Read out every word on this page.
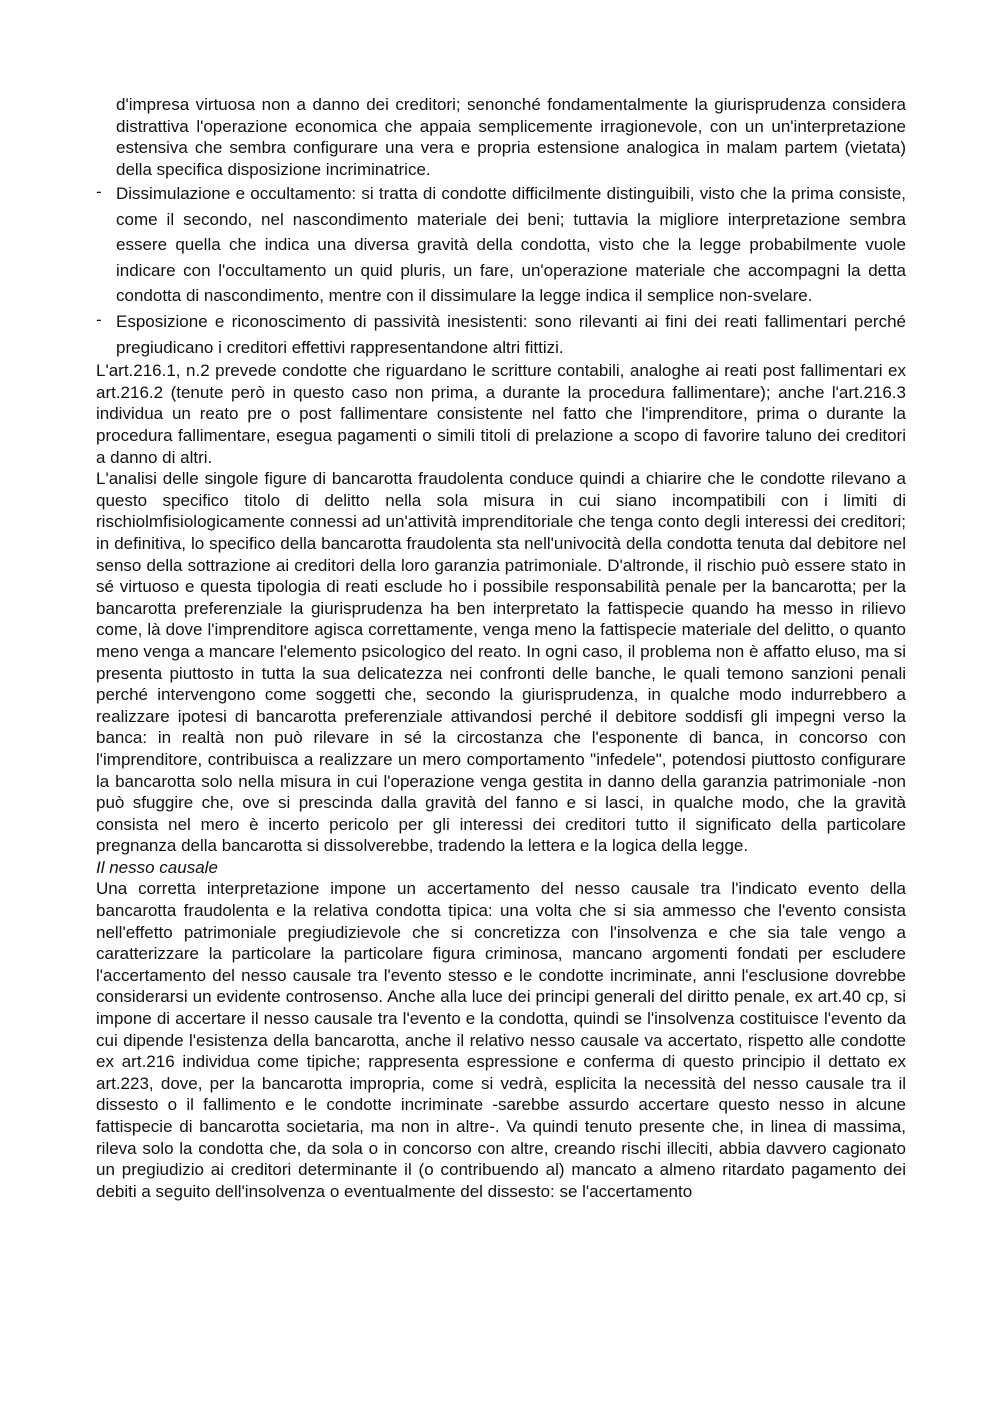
d'impresa virtuosa non a danno dei creditori; senonché fondamentalmente la giurisprudenza considera distrattiva l'operazione economica che appaia semplicemente irragionevole, con un un'interpretazione estensiva che sembra configurare una vera e propria estensione analogica in malam partem (vietata) della specifica disposizione incriminatrice.

- Dissimulazione e occultamento: si tratta di condotte difficilmente distinguibili, visto che la prima consiste, come il secondo, nel nascondimento materiale dei beni; tuttavia la migliore interpretazione sembra essere quella che indica una diversa gravità della condotta, visto che la legge probabilmente vuole indicare con l'occultamento un quid pluris, un fare, un'operazione materiale che accompagni la detta condotta di nascondimento, mentre con il dissimulare la legge indica il semplice non-svelare.

- Esposizione e riconoscimento di passività inesistenti: sono rilevanti ai fini dei reati fallimentari perché pregiudicano i creditori effettivi rappresentandone altri fittizi.

L'art.216.1, n.2 prevede condotte che riguardano le scritture contabili, analoghe ai reati post fallimentari ex art.216.2 (tenute però in questo caso non prima, a durante la procedura fallimentare); anche l'art.216.3 individua un reato pre o post fallimentare consistente nel fatto che l'imprenditore, prima o durante la procedura fallimentare, esegua pagamenti o simili titoli di prelazione a scopo di favorire taluno dei creditori a danno di altri.

L'analisi delle singole figure di bancarotta fraudolenta conduce quindi a chiarire che le condotte rilevano a questo specifico titolo di delitto nella sola misura in cui siano incompatibili con i limiti di rischiolmfisiologicamente connessi ad un'attività imprenditoriale che tenga conto degli interessi dei creditori; in definitiva, lo specifico della bancarotta fraudolenta sta nell'univocità della condotta tenuta dal debitore nel senso della sottrazione ai creditori della loro garanzia patrimoniale. D'altronde, il rischio può essere stato in sé virtuoso e questa tipologia di reati esclude ho i possibile responsabilità penale per la bancarotta; per la bancarotta preferenziale la giurisprudenza ha ben interpretato la fattispecie quando ha messo in rilievo come, là dove l'imprenditore agisca correttamente, venga meno la fattispecie materiale del delitto, o quanto meno venga a mancare l'elemento psicologico del reato. In ogni caso, il problema non è affatto eluso, ma si presenta piuttosto in tutta la sua delicatezza nei confronti delle banche, le quali temono sanzioni penali perché intervengono come soggetti che, secondo la giurisprudenza, in qualche modo indurrebbero a realizzare ipotesi di bancarotta preferenziale attivandosi perché il debitore soddisfi gli impegni verso la banca: in realtà non può rilevare in sé la circostanza che l'esponente di banca, in concorso con l'imprenditore, contribuisca a realizzare un mero comportamento "infedele", potendosi piuttosto configurare la bancarotta solo nella misura in cui l'operazione venga gestita in danno della garanzia patrimoniale -non può sfuggire che, ove si prescinda dalla gravità del fanno e si lasci, in qualche modo, che la gravità consista nel mero è incerto pericolo per gli interessi dei creditori tutto il significato della particolare pregnanza della bancarotta si dissolverebbe, tradendo la lettera e la logica della legge.

Il nesso causale

Una corretta interpretazione impone un accertamento del nesso causale tra l'indicato evento della bancarotta fraudolenta e la relativa condotta tipica: una volta che si sia ammesso che l'evento consista nell'effetto patrimoniale pregiudizievole che si concretizza con l'insolvenza e che sia tale vengo a caratterizzare la particolare la particolare figura criminosa, mancano argomenti fondati per escludere l'accertamento del nesso causale tra l'evento stesso e le condotte incriminate, anni l'esclusione dovrebbe considerarsi un evidente controsenso. Anche alla luce dei principi generali del diritto penale, ex art.40 cp, si impone di accertare il nesso causale tra l'evento e la condotta, quindi se l'insolvenza costituisce l'evento da cui dipende l'esistenza della bancarotta, anche il relativo nesso causale va accertato, rispetto alle condotte ex art.216 individua come tipiche; rappresenta espressione e conferma di questo principio il dettato ex art.223, dove, per la bancarotta impropria, come si vedrà, esplicita la necessità del nesso causale tra il dissesto o il fallimento e le condotte incriminate -sarebbe assurdo accertare questo nesso in alcune fattispecie di bancarotta societaria, ma non in altre-. Va quindi tenuto presente che, in linea di massima, rileva solo la condotta che, da sola o in concorso con altre, creando rischi illeciti, abbia davvero cagionato un pregiudizio ai creditori determinante il (o contribuendo al) mancato a almeno ritardato pagamento dei debiti a seguito dell'insolvenza o eventualmente del dissesto: se l'accertamento
